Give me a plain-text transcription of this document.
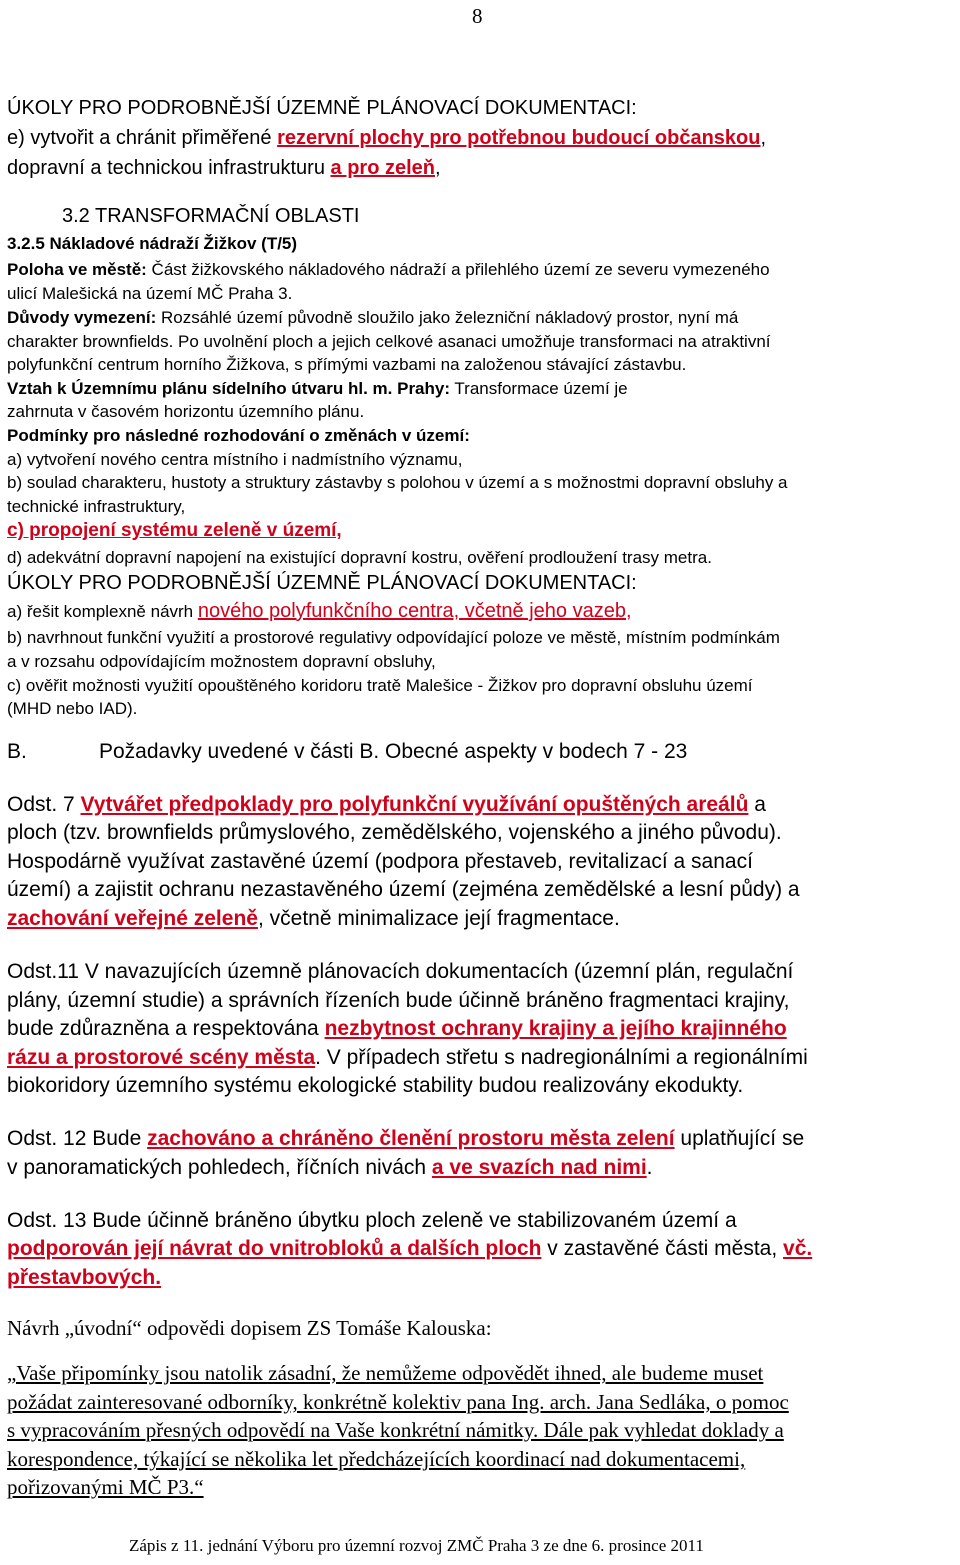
8
ÚKOLY PRO PODROBNĚJŠÍ ÚZEMNĚ PLÁNOVACÍ DOKUMENTACI:
e) vytvořit a chránit přiměřené rezervní plochy pro potřebnou budoucí občanskou,
dopravní a technickou infrastrukturu a pro zeleň,
3.2 TRANSFORMAČNÍ OBLASTI
3.2.5 Nákladové nádraží Žižkov (T/5)
Poloha ve městě: Část žižkovského nákladového nádraží a přilehlého území ze severu vymezeného
ulicí Malešická na území MČ Praha 3.
Důvody vymezení: Rozsáhlé území původně sloužilo jako železniční nákladový prostor, nyní má
charakter brownfields. Po uvolnění ploch a jejich celkové asanaci umožňuje transformaci na atraktivní
polyfunkční centrum horního Žižkova, s přímými vazbami na založenou stávající zástavbu.
Vztah k Územnímu plánu sídelního útvaru hl. m. Prahy: Transformace území je
zahrnuta v časovém horizontu územního plánu.
Podmínky pro následné rozhodování o změnách v území:
a) vytvoření nového centra místního i nadmístního významu,
b) soulad charakteru, hustoty a struktury zástavby s polohou v území a s možnostmi dopravní obsluhy a
technické infrastruktury,
c) propojení systému zeleně v území,
d) adekvátní dopravní napojení na existující dopravní kostru, ověření prodloužení trasy metra.
ÚKOLY PRO PODROBNĚJŠÍ ÚZEMNĚ PLÁNOVACÍ DOKUMENTACI:
a) řešit komplexně návrh nového polyfunkčního centra, včetně jeho vazeb,
b) navrhnout funkční využití a prostorové regulativy odpovídající poloze ve městě, místním podmínkám
a v rozsahu odpovídajícím možnostem dopravní obsluhy,
c) ověřit možnosti využití opouštěného koridoru tratě Malešice - Žižkov pro dopravní obsluhu území
(MHD nebo IAD).
B.	Požadavky uvedené v části B. Obecné aspekty v bodech 7 - 23
Odst. 7 Vytvářet předpoklady pro polyfunkční využívání opuštěných areálů a
ploch (tzv. brownfields průmyslového, zemědělského, vojenského a jiného původu).
Hospodárně využívat zastavěné území (podpora přestaveb, revitalizací a sanací
území) a zajistit ochranu nezastavěného území (zejména zemědělské a lesní půdy) a
zachování veřejné zeleně, včetně minimalizace její fragmentace.
Odst.11 V navazujících územně plánovacích dokumentacích (územní plán, regulační
plány, územní studie) a správních řízeních bude účinně bráněno fragmentaci krajiny,
bude zdůrazněna a respektována nezbytnost ochrany krajiny a jejího krajinného
rázu a prostorové scény města. V případech střetu s nadregionálními a regionálními
biokoridory územního systému ekologické stability budou realizovány ekodukty.
Odst. 12 Bude zachováno a chráněno členění prostoru města zelení uplatňující se
v panoramatických pohledech, říčních nivách a ve svazích nad nimi.
Odst. 13 Bude účinně bráněno úbytku ploch zeleně ve stabilizovaném území a
podporován její návrat do vnitrobloků a dalších ploch v zastavěné části města, vč.
přestavbových.
Návrh „úvodní“ odpovědi dopisem ZS Tomáše Kalouska:
„Vaše připomínky jsou natolik zásadní, že nemůžeme odpovědět ihned, ale budeme muset
požádat zainteresované odborníky, konkrétně kolektiv pana Ing. arch. Jana Sedláka, o pomoc
s vypracováním přesných odpovědí na Vaše konkrétní námitky. Dále pak vyhledat doklady a
korespondence, týkající se několika let předcházejících koordinací nad dokumentacemi,
pořizovanými MČ P3.“
Zápis z 11. jednání Výboru pro územní rozvoj ZMČ Praha 3 ze dne 6. prosince 2011
